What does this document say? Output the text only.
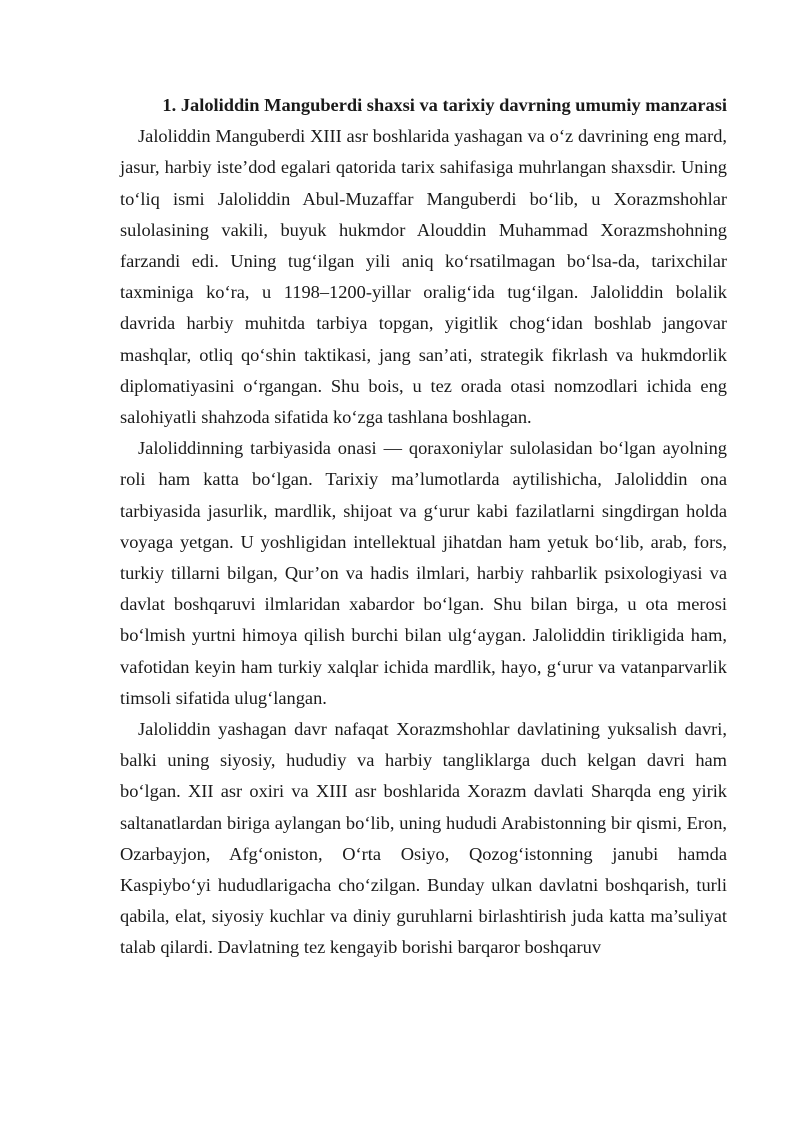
1. Jaloliddin Manguberdi shaxsi va tarixiy davrning umumiy manzarasi

Jaloliddin Manguberdi XIII asr boshlarida yashagan va o‘z davrining eng mard, jasur, harbiy iste’dod egalari qatorida tarix sahifasiga muhrlangan shaxsdir. Uning to‘liq ismi Jaloliddin Abul-Muzaffar Manguberdi bo‘lib, u Xorazmshohlar sulolasining vakili, buyuk hukmdor Alouddin Muhammad Xorazmshohning farzandi edi. Uning tug‘ilgan yili aniq ko‘rsatilmagan bo‘lsa-da, tarixchilar taxminiga ko‘ra, u 1198–1200-yillar oralig‘ida tug‘ilgan. Jaloliddin bolalik davrida harbiy muhitda tarbiya topgan, yigitlik chog‘idan boshlab jangovar mashqlar, otliq qo‘shin taktikasi, jang san’ati, strategik fikrlash va hukmdorlik diplomatiyasini o‘rgangan. Shu bois, u tez orada otasi nomzodlari ichida eng salohiyatli shahzoda sifatida ko‘zga tashlana boshlagan.

Jaloliddinning tarbiyasida onasi — qoraxoniylar sulolasidan bo‘lgan ayolning roli ham katta bo‘lgan. Tarixiy ma’lumotlarda aytilishicha, Jaloliddin ona tarbiyasida jasurlik, mardlik, shijoat va g‘urur kabi fazilatlarni singdirgan holda voyaga yetgan. U yoshligidan intellektual jihatdan ham yetuk bo‘lib, arab, fors, turkiy tillarni bilgan, Qur’on va hadis ilmlari, harbiy rahbarlik psixologiyasi va davlat boshqaruvi ilmlaridan xabardor bo‘lgan. Shu bilan birga, u ota merosi bo‘lmish yurtni himoya qilish burchi bilan ulg‘aygan. Jaloliddin tirikligida ham, vafotidan keyin ham turkiy xalqlar ichida mardlik, hayo, g‘urur va vatanparvarlik timsoli sifatida ulug‘langan.

Jaloliddin yashagan davr nafaqat Xorazmshohlar davlatining yuksalish davri, balki uning siyosiy, hududiy va harbiy tangliklarga duch kelgan davri ham bo‘lgan. XII asr oxiri va XIII asr boshlarida Xorazm davlati Sharqda eng yirik saltanatlardan biriga aylangan bo‘lib, uning hududi Arabistonning bir qismi, Eron, Ozarbayjon, Afg‘oniston, O‘rta Osiyo, Qozog‘istonning janubi hamda Kaspiybo‘yi hududlarigacha cho‘zilgan. Bunday ulkan davlatni boshqarish, turli qabila, elat, siyosiy kuchlar va diniy guruhlarni birlashtirish juda katta ma’suliyat talab qilardi. Davlatning tez kengayib borishi barqaror boshqaruv
